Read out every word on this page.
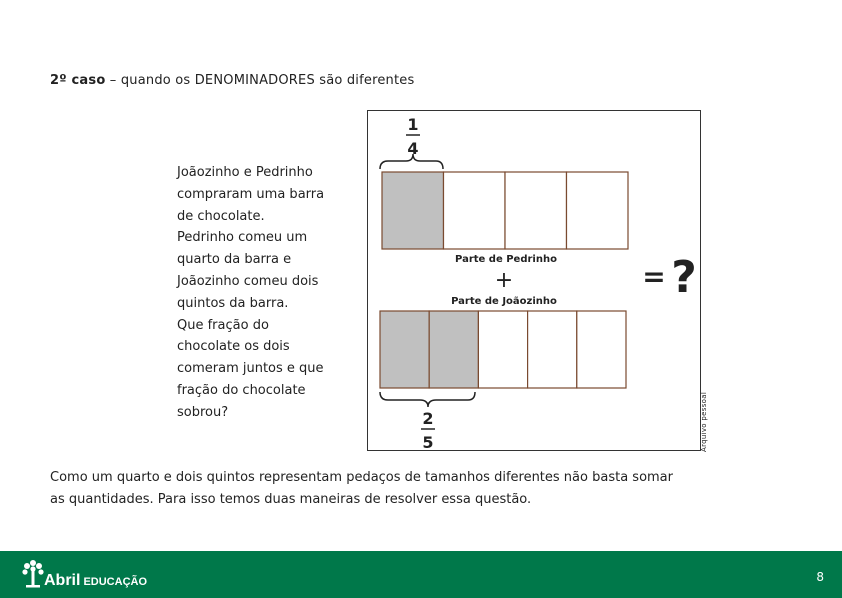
2º caso – quando os DENOMINADORES são diferentes
Joãozinho e Pedrinho
compraram uma barra
de chocolate.
Pedrinho comeu um
quarto da barra e
Joãozinho comeu dois
quintos da barra.
Que fração do
chocolate os dois
comeram juntos e que
fração do chocolate
sobrou?
1
4
Parte de Pedrinho
+
Parte de Joãozinho
= ?
2
5	Arquivo pessoal
Como um quarto e dois quintos representam pedaços de tamanhos diferentes não basta somar
as quantidades. Para isso temos duas maneiras de resolver essa questão.
Abril EDUCAÇÃO	8
